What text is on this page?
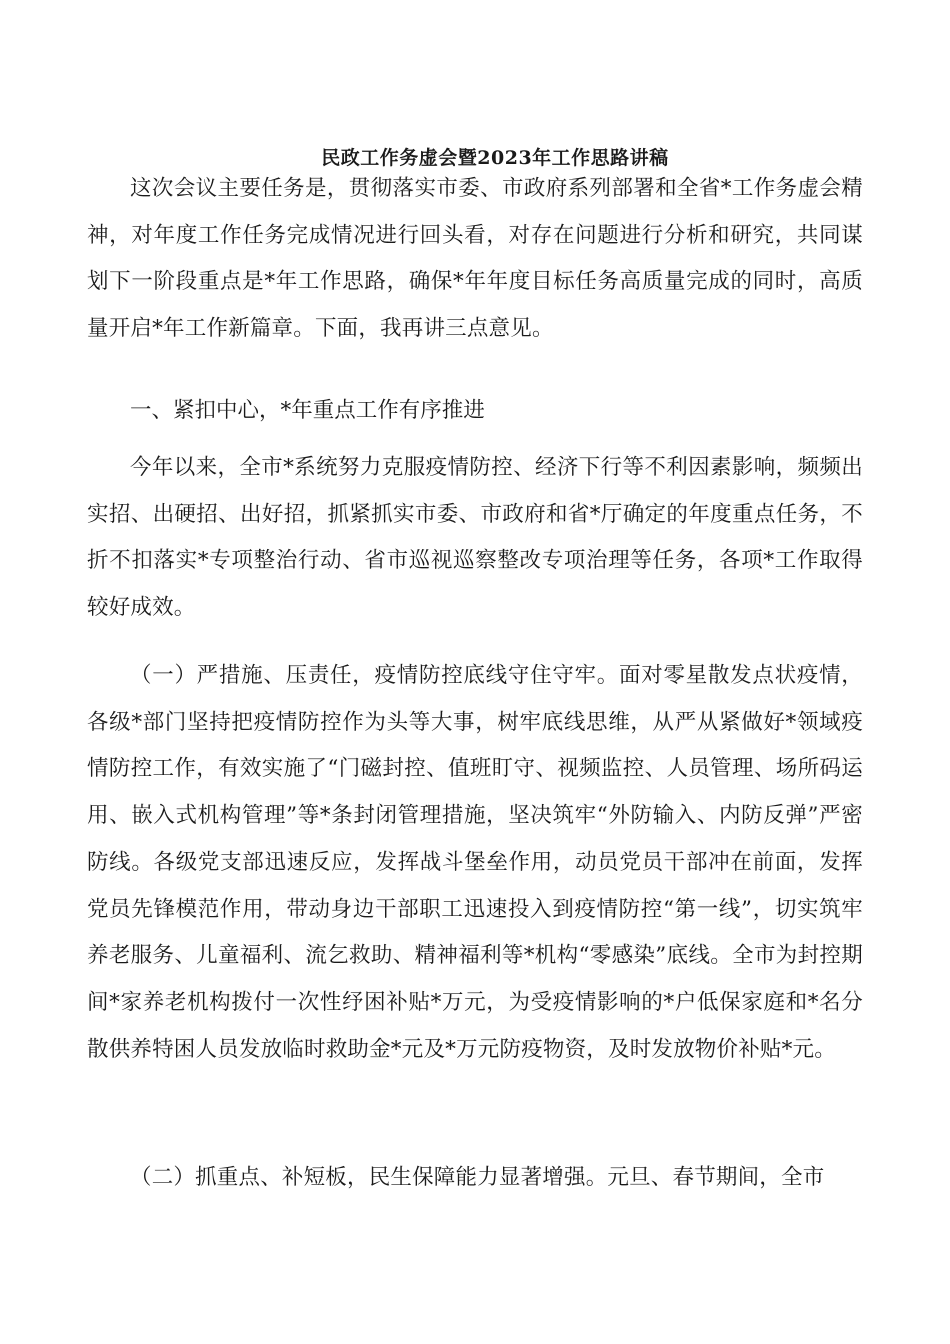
民政工作务虚会暨2023年工作思路讲稿
这次会议主要任务是，贯彻落实市委、市政府系列部署和全省*工作务虚会精神，对年度工作任务完成情况进行回头看，对存在问题进行分析和研究，共同谋划下一阶段重点是*年工作思路，确保*年年度目标任务高质量完成的同时，高质量开启*年工作新篇章。下面，我再讲三点意见。
一、紧扣中心，*年重点工作有序推进
今年以来，全市*系统努力克服疫情防控、经济下行等不利因素影响，频频出实招、出硬招、出好招，抓紧抓实市委、市政府和省*厅确定的年度重点任务，不折不扣落实*专项整治行动、省市巡视巡察整改专项治理等任务，各项*工作取得较好成效。
（一）严措施、压责任，疫情防控底线守住守牢。面对零星散发点状疫情，各级*部门坚持把疫情防控作为头等大事，树牢底线思维，从严从紧做好*领域疫情防控工作，有效实施了“门磁封控、值班盯守、视频监控、人员管理、场所码运用、嵌入式机构管理”等*条封闭管理措施，坚决筑牢“外防输入、内防反弹”严密防线。各级党支部迅速反应，发挥战斗堡垒作用，动员党员干部冲在前面，发挥党员先锋模范作用，带动身边干部职工迅速投入到疫情防控“第一线”，切实筑牢养老服务、儿童福利、流乞救助、精神福利等*机构“零感染”底线。全市为封控期间*家养老机构拨付一次性纾困补贴*万元，为受疫情影响的*户低保家庭和*名分散供养特困人员发放临时救助金*元及*万元防疫物资，及时发放物价补贴*元。
（二）抓重点、补短板，民生保障能力显著增强。元旦、春节期间，全市
